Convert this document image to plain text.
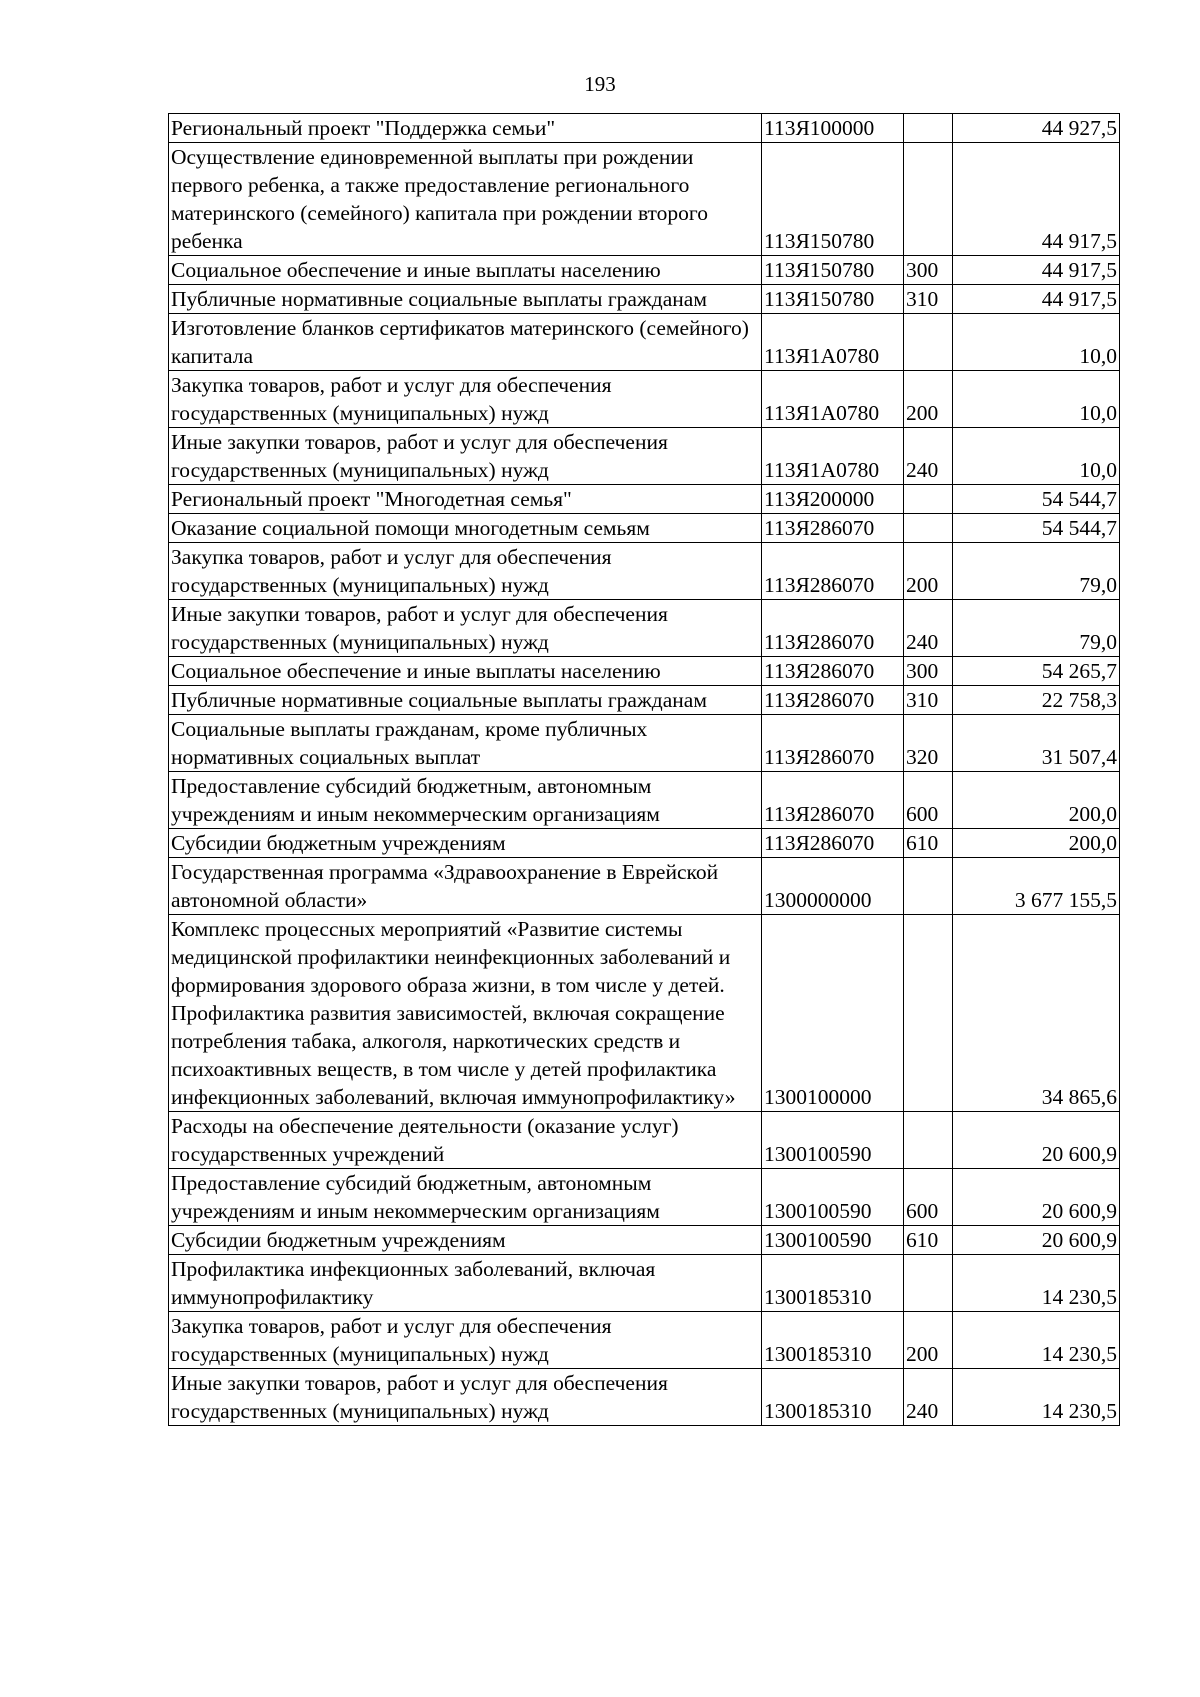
193
Региональный проект "Поддержка семьи"	113Я100000		44 927,5
Осуществление единовременной выплаты при рождении первого ребенка, а также предоставление регионального материнского (семейного) капитала при рождении второго ребенка	113Я150780		44 917,5
Социальное обеспечение и иные выплаты населению	113Я150780	300	44 917,5
Публичные нормативные социальные выплаты гражданам	113Я150780	310	44 917,5
Изготовление бланков сертификатов материнского (семейного) капитала	113Я1А0780		10,0
Закупка товаров, работ и услуг для обеспечения государственных (муниципальных) нужд	113Я1А0780	200	10,0
Иные закупки товаров, работ и услуг для обеспечения государственных (муниципальных) нужд	113Я1А0780	240	10,0
Региональный проект "Многодетная семья"	113Я200000		54 544,7
Оказание социальной помощи многодетным семьям	113Я286070		54 544,7
Закупка товаров, работ и услуг для обеспечения государственных (муниципальных) нужд	113Я286070	200	79,0
Иные закупки товаров, работ и услуг для обеспечения государственных (муниципальных) нужд	113Я286070	240	79,0
Социальное обеспечение и иные выплаты населению	113Я286070	300	54 265,7
Публичные нормативные социальные выплаты гражданам	113Я286070	310	22 758,3
Социальные выплаты гражданам, кроме публичных нормативных социальных выплат	113Я286070	320	31 507,4
Предоставление субсидий бюджетным, автономным учреждениям и иным некоммерческим организациям	113Я286070	600	200,0
Субсидии бюджетным учреждениям	113Я286070	610	200,0
Государственная программа «Здравоохранение в Еврейской автономной области»	1300000000		3 677 155,5
Комплекс процессных мероприятий «Развитие системы медицинской профилактики неинфекционных заболеваний и формирования здорового образа жизни, в том числе у детей. Профилактика развития зависимостей, включая сокращение потребления табака, алкоголя, наркотических средств и психоактивных веществ, в том числе у детей профилактика инфекционных заболеваний, включая иммунопрофилактику»	1300100000		34 865,6
Расходы на обеспечение деятельности (оказание услуг) государственных учреждений	1300100590		20 600,9
Предоставление субсидий бюджетным, автономным учреждениям и иным некоммерческим организациям	1300100590	600	20 600,9
Субсидии бюджетным учреждениям	1300100590	610	20 600,9
Профилактика инфекционных заболеваний, включая иммунопрофилактику	1300185310		14 230,5
Закупка товаров, работ и услуг для обеспечения государственных (муниципальных) нужд	1300185310	200	14 230,5
Иные закупки товаров, работ и услуг для обеспечения государственных (муниципальных) нужд	1300185310	240	14 230,5
